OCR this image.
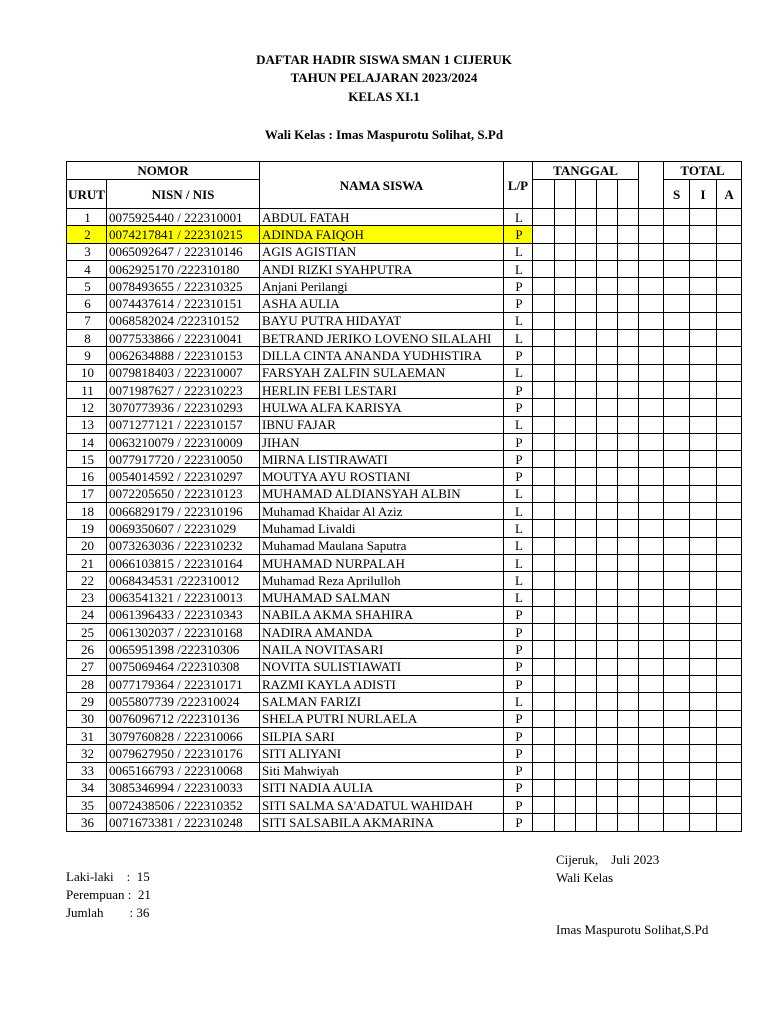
DAFTAR HADIR SISWA SMAN 1 CIJERUK
TAHUN PELAJARAN 2023/2024
KELAS XI.1
Wali Kelas : Imas Maspurotu Solihat, S.Pd
NOMOR		NAMA SISWA	L/P	TANGGAL						TOTAL		
URUT	NISN / NIS									S	I	A
1	0075925440 / 222310001	ABDUL FATAH	L									
2	0074217841 / 222310215	ADINDA FAIQOH	P									
3	0065092647 / 222310146	AGIS AGISTIAN	L									
4	0062925170 /222310180	ANDI RIZKI SYAHPUTRA	L									
5	0078493655 / 222310325	Anjani Perilangi	P									
6	0074437614 / 222310151	ASHA AULIA	P									
7	0068582024 /222310152	BAYU PUTRA HIDAYAT	L									
8	0077533866 / 222310041	BETRAND JERIKO LOVENO SILALAHI	L									
9	0062634888 / 222310153	DILLA CINTA ANANDA YUDHISTIRA	P									
10	0079818403 / 222310007	FARSYAH ZALFIN SULAEMAN	L									
11	0071987627 / 222310223	HERLIN FEBI LESTARI	P									
12	3070773936 / 222310293	HULWA ALFA KARISYA	P									
13	0071277121 / 222310157	IBNU FAJAR	L									
14	0063210079 / 222310009	JIHAN	P									
15	0077917720 / 222310050	MIRNA LISTIRAWATI	P									
16	0054014592 / 222310297	MOUTYA AYU ROSTIANI	P									
17	0072205650 / 222310123	MUHAMAD ALDIANSYAH ALBIN	L									
18	0066829179 / 222310196	Muhamad Khaidar Al Aziz	L									
19	0069350607 / 22231029	Muhamad Livaldi	L									
20	0073263036 / 222310232	Muhamad Maulana Saputra	L									
21	0066103815 / 222310164	MUHAMAD NURPALAH	L									
22	0068434531 /222310012	Muhamad Reza Aprilulloh	L									
23	0063541321 / 222310013	MUHAMAD SALMAN	L									
24	0061396433 / 222310343	NABILA AKMA SHAHIRA	P									
25	0061302037 / 222310168	NADIRA AMANDA	P									
26	0065951398 /222310306	NAILA NOVITASARI	P									
27	0075069464 /222310308	NOVITA SULISTIAWATI	P									
28	0077179364 / 222310171	RAZMI KAYLA ADISTI	P									
29	0055807739 /222310024	SALMAN FARIZI	L									
30	0076096712 /222310136	SHELA PUTRI NURLAELA	P									
31	3079760828 / 222310066	SILPIA SARI	P									
32	0079627950 / 222310176	SITI ALIYANI	P									
33	0065166793 / 222310068	Siti Mahwiyah	P									
34	3085346994 / 222310033	SITI NADIA AULIA	P									
35	0072438506 / 222310352	SITI SALMA SA'ADATUL WAHIDAH	P									
36	0071673381 / 222310248	SITI SALSABILA AKMARINA	P									
Laki-laki    :  15
Perempuan :  21
Jumlah        : 36
Cijeruk,    Juli 2023
Wali Kelas
Imas Maspurotu Solihat,S.Pd
